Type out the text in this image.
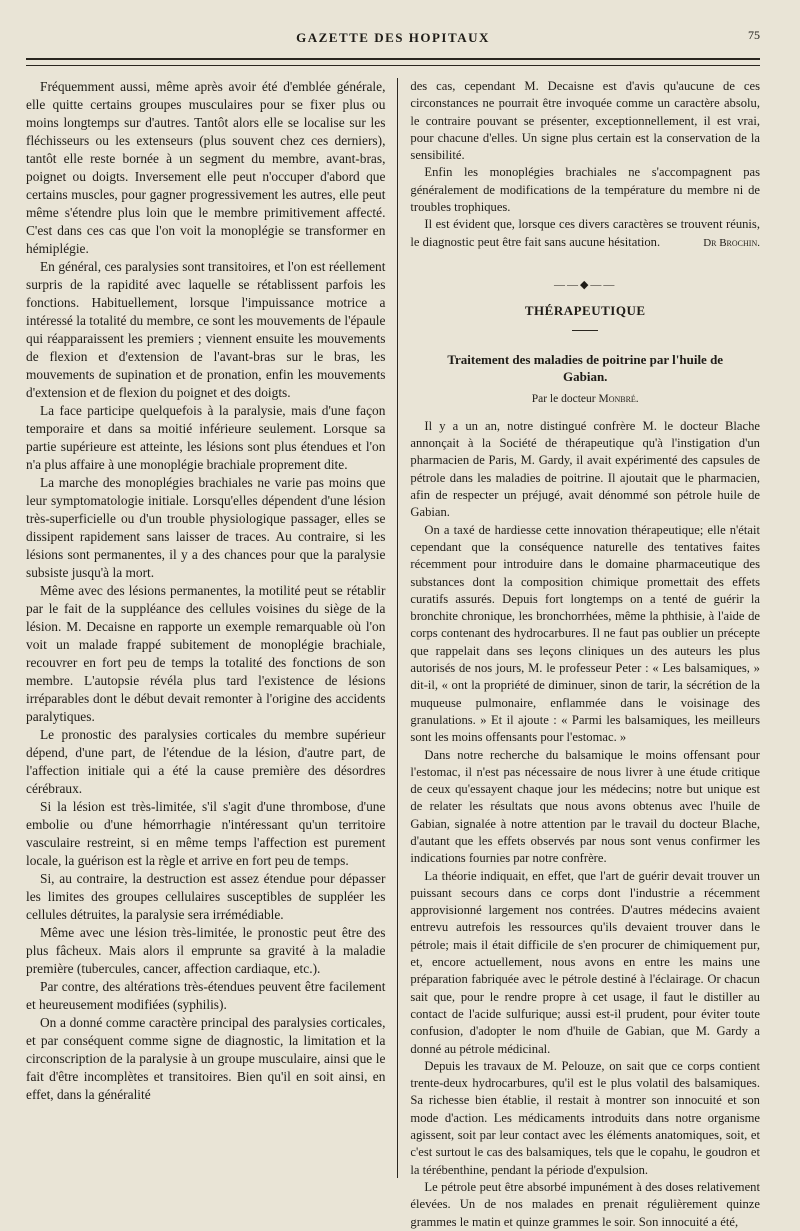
GAZETTE DES HOPITAUX	75

Fréquemment aussi, même après avoir été d'emblée générale, elle quitte certains groupes musculaires pour se fixer plus ou moins longtemps sur d'autres. Tantôt alors elle se localise sur les fléchisseurs ou les extenseurs (plus souvent chez ces derniers), tantôt elle reste bornée à un segment du membre, avant-bras, poignet ou doigts. Inversement elle peut n'occuper d'abord que certains muscles, pour gagner progressivement les autres, elle peut même s'étendre plus loin que le membre primitivement affecté. C'est dans ces cas que l'on voit la monoplégie se transformer en hémiplégie.

En général, ces paralysies sont transitoires, et l'on est réellement surpris de la rapidité avec laquelle se rétablissent parfois les fonctions. Habituellement, lorsque l'impuissance motrice a intéressé la totalité du membre, ce sont les mouvements de l'épaule qui réapparaissent les premiers ; viennent ensuite les mouvements de flexion et d'extension de l'avant-bras sur le bras, les mouvements de supination et de pronation, enfin les mouvements d'extension et de flexion du poignet et des doigts.

La face participe quelquefois à la paralysie, mais d'une façon temporaire et dans sa moitié inférieure seulement. Lorsque sa partie supérieure est atteinte, les lésions sont plus étendues et l'on n'a plus affaire à une monoplégie brachiale proprement dite.

La marche des monoplégies brachiales ne varie pas moins que leur symptomatologie initiale. Lorsqu'elles dépendent d'une lésion très-superficielle ou d'un trouble physiologique passager, elles se dissipent rapidement sans laisser de traces. Au contraire, si les lésions sont permanentes, il y a des chances pour que la paralysie subsiste jusqu'à la mort.

Même avec des lésions permanentes, la motilité peut se rétablir par le fait de la suppléance des cellules voisines du siège de la lésion. M. Decaisne en rapporte un exemple remarquable où l'on voit un malade frappé subitement de monoplégie brachiale, recouvrer en fort peu de temps la totalité des fonctions de son membre. L'autopsie révéla plus tard l'existence de lésions irréparables dont le début devait remonter à l'origine des accidents paralytiques.

Le pronostic des paralysies corticales du membre supérieur dépend, d'une part, de l'étendue de la lésion, d'autre part, de l'affection initiale qui a été la cause première des désordres cérébraux.

Si la lésion est très-limitée, s'il s'agit d'une thrombose, d'une embolie ou d'une hémorrhagie n'intéressant qu'un territoire vasculaire restreint, si en même temps l'affection est purement locale, la guérison est la règle et arrive en fort peu de temps.

Si, au contraire, la destruction est assez étendue pour dépasser les limites des groupes cellulaires susceptibles de suppléer les cellules détruites, la paralysie sera irrémédiable.

Même avec une lésion très-limitée, le pronostic peut être des plus fâcheux. Mais alors il emprunte sa gravité à la maladie première (tubercules, cancer, affection cardiaque, etc.).

Par contre, des altérations très-étendues peuvent être facilement et heureusement modifiées (syphilis).

On a donné comme caractère principal des paralysies corticales, et par conséquent comme signe de diagnostic, la limitation et la circonscription de la paralysie à un groupe musculaire, ainsi que le fait d'être incomplètes et transitoires. Bien qu'il en soit ainsi, en effet, dans la généralité

des cas, cependant M. Decaisne est d'avis qu'aucune de ces circonstances ne pourrait être invoquée comme un caractère absolu, le contraire pouvant se présenter, exceptionnellement, il est vrai, pour chacune d'elles. Un signe plus certain est la conservation de la sensibilité.

Enfin les monoplégies brachiales ne s'accompagnent pas généralement de modifications de la température du membre ni de troubles trophiques.

Il est évident que, lorsque ces divers caractères se trouvent réunis, le diagnostic peut être fait sans aucune hésitation.	Dr Brochin.

——◆——
THÉRAPEUTIQUE
Traitement des maladies de poitrine par l'huile de Gabian.
Par le docteur Monbré.

Il y a un an, notre distingué confrère M. le docteur Blache annonçait à la Société de thérapeutique qu'à l'instigation d'un pharmacien de Paris, M. Gardy, il avait expérimenté des capsules de pétrole dans les maladies de poitrine. Il ajoutait que le pharmacien, afin de respecter un préjugé, avait dénommé son pétrole huile de Gabian.

On a taxé de hardiesse cette innovation thérapeutique; elle n'était cependant que la conséquence naturelle des tentatives faites récemment pour introduire dans le domaine pharmaceutique des substances dont la composition chimique promettait des effets curatifs assurés. Depuis fort longtemps on a tenté de guérir la bronchite chronique, les bronchorrhées, même la phthisie, à l'aide de corps contenant des hydrocarbures. Il ne faut pas oublier un précepte que rappelait dans ses leçons cliniques un des auteurs les plus autorisés de nos jours, M. le professeur Peter : « Les balsamiques, » dit-il, « ont la propriété de diminuer, sinon de tarir, la sécrétion de la muqueuse pulmonaire, enflammée dans le voisinage des granulations. » Et il ajoute : « Parmi les balsamiques, les meilleurs sont les moins offensants pour l'estomac. »

Dans notre recherche du balsamique le moins offensant pour l'estomac, il n'est pas nécessaire de nous livrer à une étude critique de ceux qu'essayent chaque jour les médecins; notre but unique est de relater les résultats que nous avons obtenus avec l'huile de Gabian, signalée à notre attention par le travail du docteur Blache, d'autant que les effets observés par nous sont venus confirmer les indications fournies par notre confrère.

La théorie indiquait, en effet, que l'art de guérir devait trouver un puissant secours dans ce corps dont l'industrie a récemment approvisionné largement nos contrées. D'autres médecins avaient entrevu autrefois les ressources qu'ils devaient trouver dans le pétrole; mais il était difficile de s'en procurer de chimiquement pur, et, encore actuellement, nous avons en entre les mains une préparation fabriquée avec le pétrole destiné à l'éclairage. Or chacun sait que, pour le rendre propre à cet usage, il faut le distiller au contact de l'acide sulfurique; aussi est-il prudent, pour éviter toute confusion, d'adopter le nom d'huile de Gabian, que M. Gardy a donné au pétrole médicinal.

Depuis les travaux de M. Pelouze, on sait que ce corps contient trente-deux hydrocarbures, qu'il est le plus volatil des balsamiques. Sa richesse bien établie, il restait à montrer son innocuité et son mode d'action. Les médicaments introduits dans notre organisme agissent, soit par leur contact avec les éléments anatomiques, soit, et c'est surtout le cas des balsamiques, tels que le copahu, le goudron et la térébenthine, pendant la période d'expulsion.

Le pétrole peut être absorbé impunément à des doses relativement élevées. Un de nos malades en prenait régulièrement quinze grammes le matin et quinze grammes le soir. Son innocuité a été,
